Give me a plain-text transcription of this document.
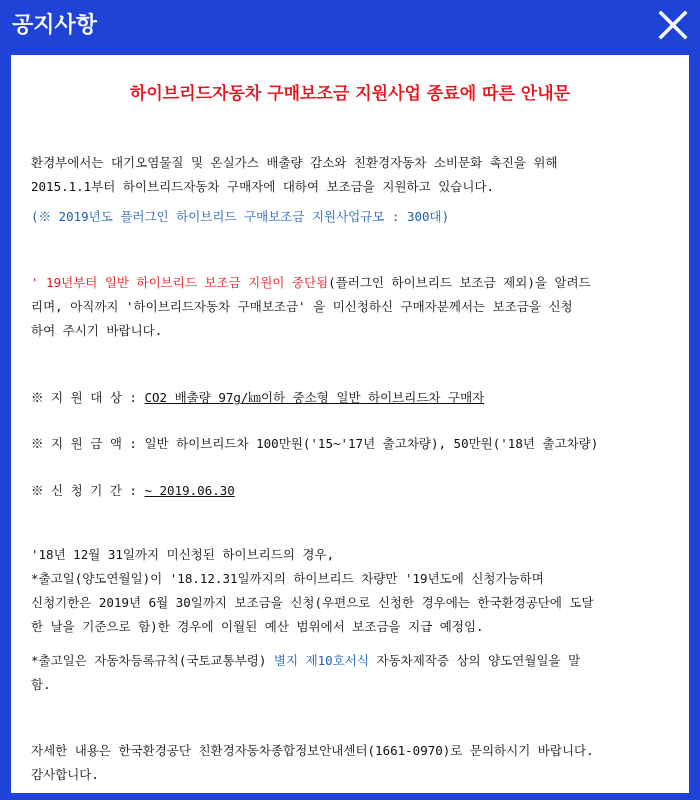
공지사항
하이브리드자동차 구매보조금 지원사업 종료에 따른 안내문
환경부에서는 대기오염물질 및 온실가스 배출량 감소와 친환경자동차 소비문화 촉진을 위해
2015.1.1부터 하이브리드자동차 구매자에 대하여 보조금을 지원하고 있습니다.
(※ 2019년도 플러그인 하이브리드 구매보조금 지원사업규모 : 300대)
' 19년부터 일반 하이브리드 보조금 지원이 중단됨(플러그인 하이브리드 보조금 제외)을 알려드
리며, 아직까지 '하이브리드자동차 구매보조금' 을 미신청하신 구매자분께서는 보조금을 신청
하여 주시기 바랍니다.
※ 지 원 대 상 : CO2 배출량 97g/㎞이하 중소형 일반 하이브리드차 구매자
※ 지 원 금 액 : 일반 하이브리드차 100만원('15~'17년 출고차량), 50만원('18년 출고차량)
※ 신 청 기 간 : ~ 2019.06.30
'18년 12월 31일까지 미신청된 하이브리드의 경우,
*출고일(양도연월일)이 '18.12.31일까지의 하이브리드 차량만 '19년도에 신청가능하며
신청기한은 2019년 6월 30일까지 보조금을 신청(우편으로 신청한 경우에는 한국환경공단에 도달
한 날을 기준으로 함)한 경우에 이월된 예산 범위에서 보조금을 지급 예정임.
*출고일은 자동차등록규칙(국토교통부령) 별지 제10호서식 자동차제작증 상의 양도연월일을 말
함.
자세한 내용은 한국환경공단 친환경자동차종합정보안내센터(1661-0970)로 문의하시기 바랍니다.
감사합니다.
